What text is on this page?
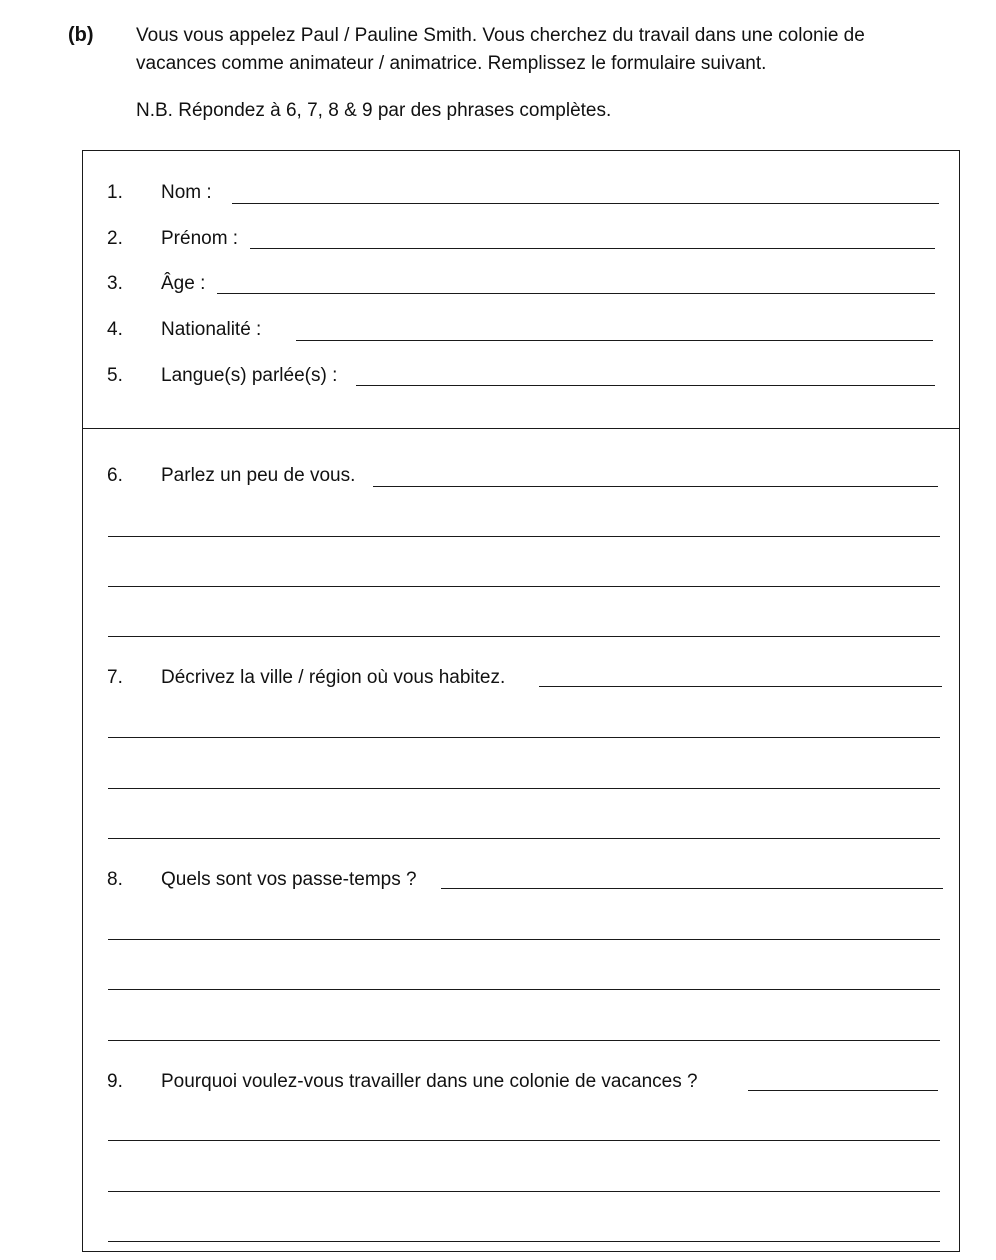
(b) Vous vous appelez Paul / Pauline Smith. Vous cherchez du travail dans une colonie de
vacances comme animateur / animatrice. Remplissez le formulaire suivant.
N.B. Répondez à 6, 7, 8 & 9 par des phrases complètes.
1. Nom :
2. Prénom :
3. Âge :
4. Nationalité :
5. Langue(s) parlée(s) :
6. Parlez un peu de vous.
7. Décrivez la ville / région où vous habitez.
8. Quels sont vos passe-temps ?
9. Pourquoi voulez-vous travailler dans une colonie de vacances ?
